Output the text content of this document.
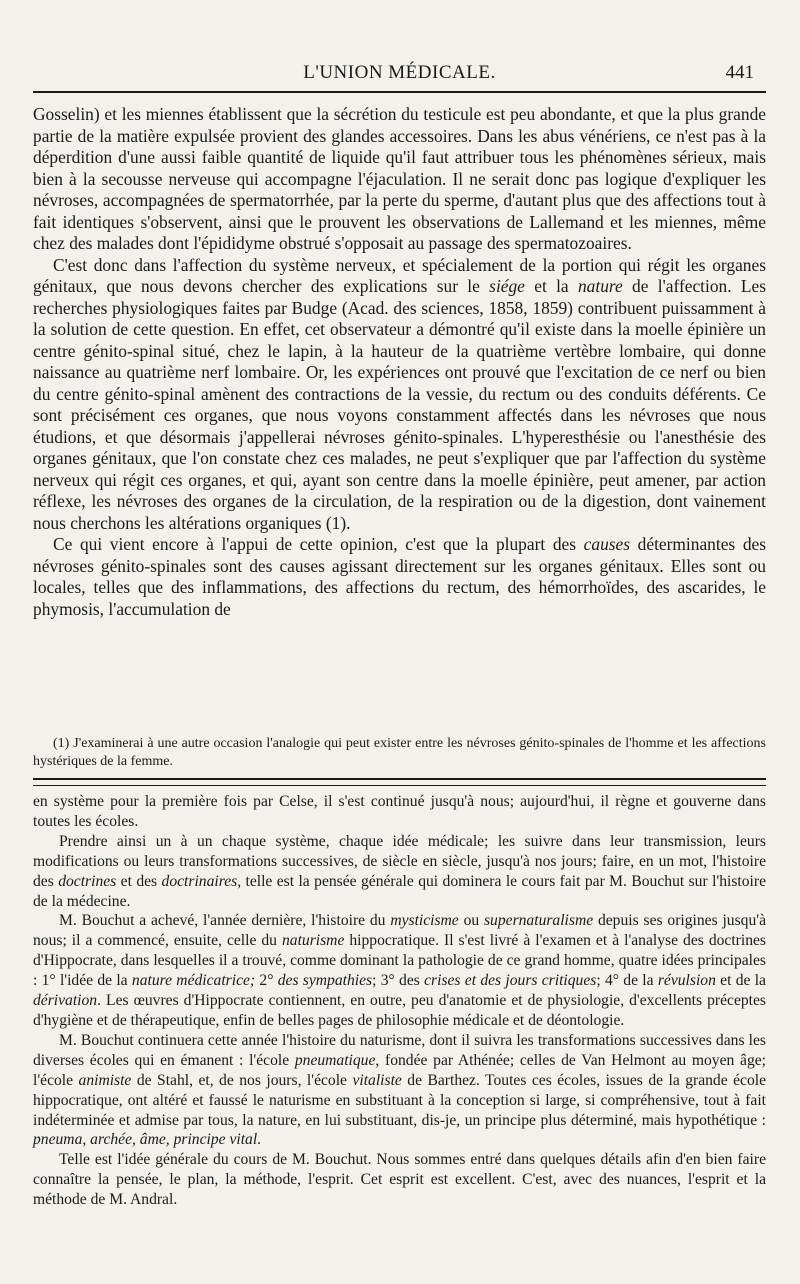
L'UNION MÉDICALE.	441

Gosselin) et les miennes établissent que la sécrétion du testicule est peu abondante, et que la plus grande partie de la matière expulsée provient des glandes accessoires. Dans les abus vénériens, ce n'est pas à la déperdition d'une aussi faible quantité de liquide qu'il faut attribuer tous les phénomènes sérieux, mais bien à la secousse nerveuse qui accompagne l'éjaculation. Il ne serait donc pas logique d'expliquer les névroses, accompagnées de spermatorrhée, par la perte du sperme, d'autant plus que des affections tout à fait identiques s'observent, ainsi que le prouvent les observations de Lallemand et les miennes, même chez des malades dont l'épididyme obstrué s'opposait au passage des spermatozoaires.

C'est donc dans l'affection du système nerveux, et spécialement de la portion qui régit les organes génitaux, que nous devons chercher des explications sur le siége et la nature de l'affection. Les recherches physiologiques faites par Budge (Acad. des sciences, 1858, 1859) contribuent puissamment à la solution de cette question. En effet, cet observateur a démontré qu'il existe dans la moelle épinière un centre génito-spinal situé, chez le lapin, à la hauteur de la quatrième vertèbre lombaire, qui donne naissance au quatrième nerf lombaire. Or, les expériences ont prouvé que l'excitation de ce nerf ou bien du centre génito-spinal amènent des contractions de la vessie, du rectum ou des conduits déférents. Ce sont précisément ces organes, que nous voyons constamment affectés dans les névroses que nous étudions, et que désormais j'appellerai névroses génito-spinales. L'hyperesthésie ou l'anesthésie des organes génitaux, que l'on constate chez ces malades, ne peut s'expliquer que par l'affection du système nerveux qui régit ces organes, et qui, ayant son centre dans la moelle épinière, peut amener, par action réflexe, les névroses des organes de la circulation, de la respiration ou de la digestion, dont vainement nous cherchons les altérations organiques (1).

Ce qui vient encore à l'appui de cette opinion, c'est que la plupart des causes déterminantes des névroses génito-spinales sont des causes agissant directement sur les organes génitaux. Elles sont ou locales, telles que des inflammations, des affections du rectum, des hémorrhoïdes, des ascarides, le phymosis, l'accumulation de

(1) J'examinerai à une autre occasion l'analogie qui peut exister entre les névroses génito-spinales de l'homme et les affections hystériques de la femme.

en système pour la première fois par Celse, il s'est continué jusqu'à nous; aujourd'hui, il règne et gouverne dans toutes les écoles.

Prendre ainsi un à un chaque système, chaque idée médicale; les suivre dans leur transmission, leurs modifications ou leurs transformations successives, de siècle en siècle, jusqu'à nos jours; faire, en un mot, l'histoire des doctrines et des doctrinaires, telle est la pensée générale qui dominera le cours fait par M. Bouchut sur l'histoire de la médecine.

M. Bouchut a achevé, l'année dernière, l'histoire du mysticisme ou supernaturalisme depuis ses origines jusqu'à nous; il a commencé, ensuite, celle du naturisme hippocratique. Il s'est livré à l'examen et à l'analyse des doctrines d'Hippocrate, dans lesquelles il a trouvé, comme dominant la pathologie de ce grand homme, quatre idées principales : 1° l'idée de la nature médicatrice; 2° des sympathies; 3° des crises et des jours critiques; 4° de la révulsion et de la dérivation. Les œuvres d'Hippocrate contiennent, en outre, peu d'anatomie et de physiologie, d'excellents préceptes d'hygiène et de thérapeutique, enfin de belles pages de philosophie médicale et de déontologie.

M. Bouchut continuera cette année l'histoire du naturisme, dont il suivra les transformations successives dans les diverses écoles qui en émanent : l'école pneumatique, fondée par Athénée; celles de Van Helmont au moyen âge; l'école animiste de Stahl, et, de nos jours, l'école vitaliste de Barthez. Toutes ces écoles, issues de la grande école hippocratique, ont altéré et faussé le naturisme en substituant à la conception si large, si compréhensive, tout à fait indéterminée et admise par tous, la nature, en lui substituant, dis-je, un principe plus déterminé, mais hypothétique : pneuma, archée, âme, principe vital.

Telle est l'idée générale du cours de M. Bouchut. Nous sommes entré dans quelques détails afin d'en bien faire connaître la pensée, le plan, la méthode, l'esprit. Cet esprit est excellent. C'est, avec des nuances, l'esprit et la méthode de M. Andral.
